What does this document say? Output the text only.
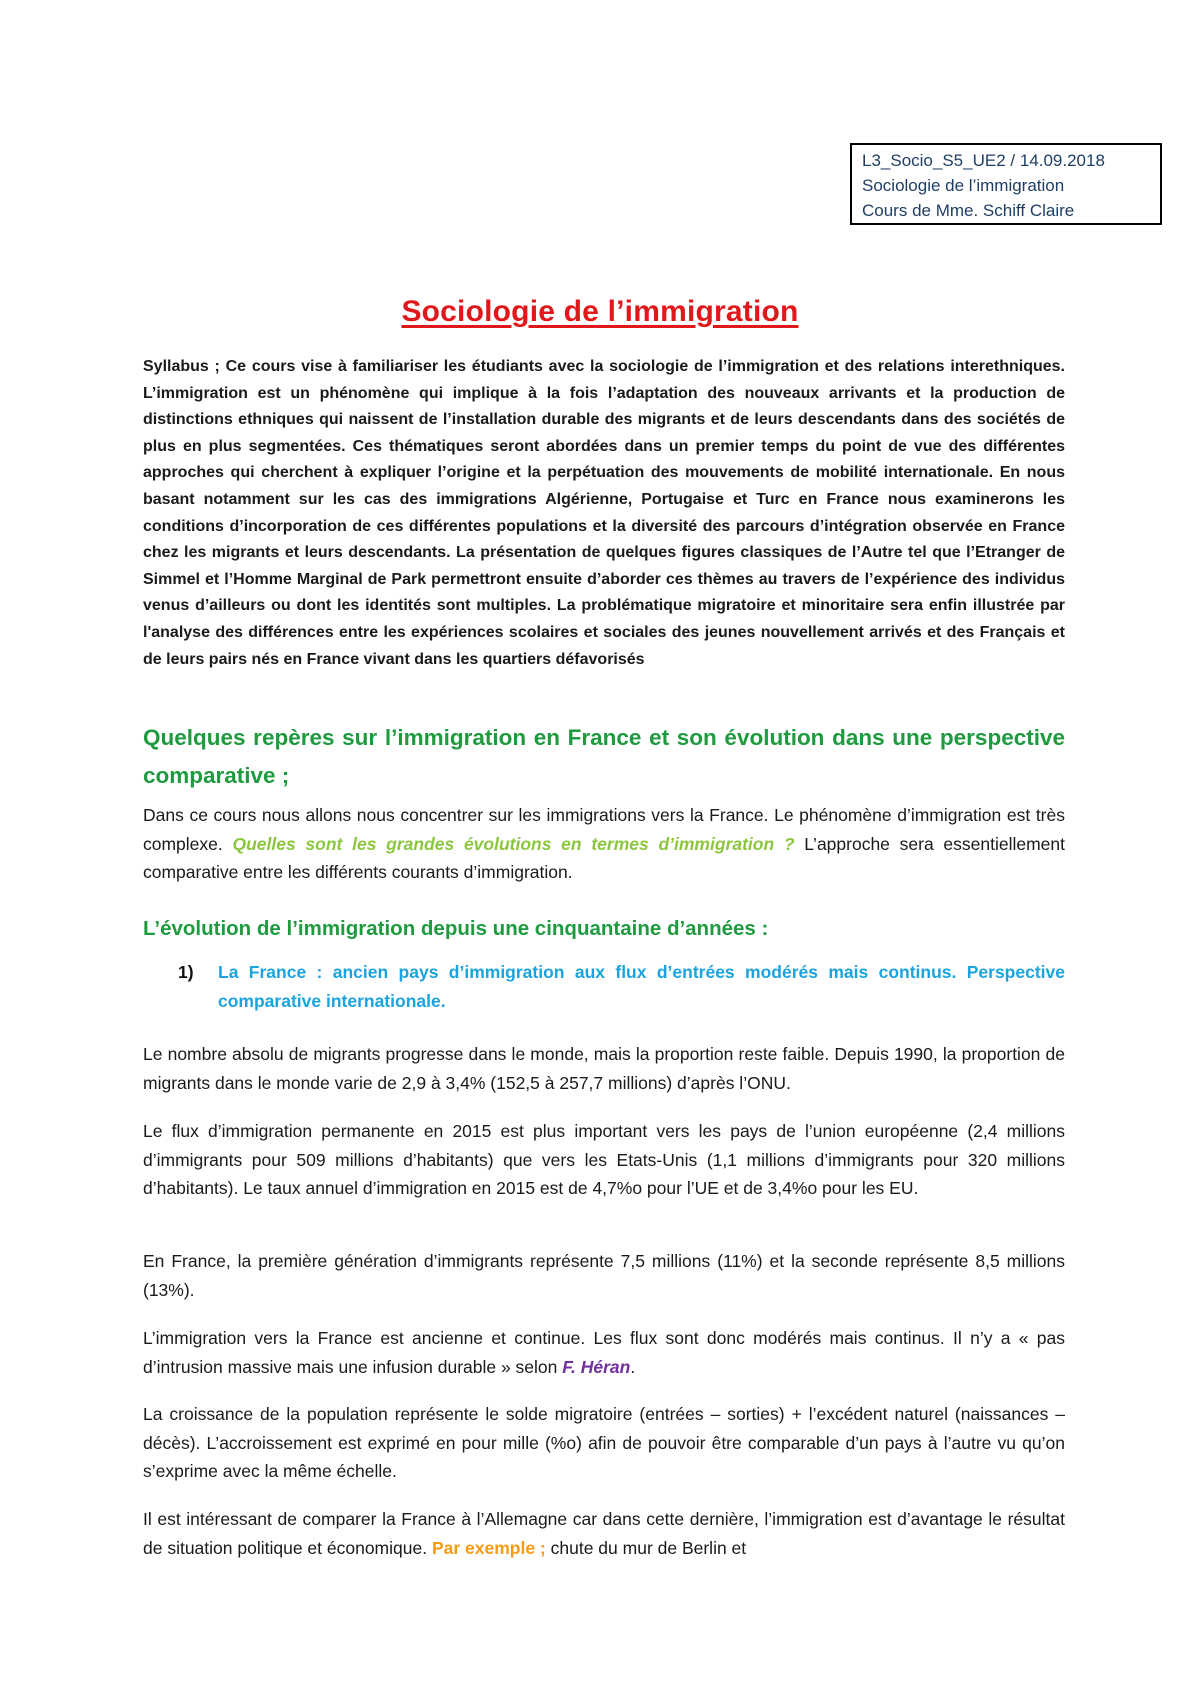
L3_Socio_S5_UE2 / 14.09.2018
Sociologie de l’immigration
Cours de Mme. Schiff Claire
Sociologie de l’immigration

Syllabus ; Ce cours vise à familiariser les étudiants avec la sociologie de l’immigration et des relations interethniques. L’immigration est un phénomène qui implique à la fois l’adaptation des nouveaux arrivants et la production de distinctions ethniques qui naissent de l’installation durable des migrants et de leurs descendants dans des sociétés de plus en plus segmentées. Ces thématiques seront abordées dans un premier temps du point de vue des différentes approches qui cherchent à expliquer l’origine et la perpétuation des mouvements de mobilité internationale. En nous basant notamment sur les cas des immigrations Algérienne, Portugaise et Turc en France nous examinerons les conditions d’incorporation de ces différentes populations et la diversité des parcours d’intégration observée en France chez les migrants et leurs descendants. La présentation de quelques figures classiques de l’Autre tel que l’Etranger de Simmel et l’Homme Marginal de Park permettront ensuite d’aborder ces thèmes au travers de l’expérience des individus venus d’ailleurs ou dont les identités sont multiples. La problématique migratoire et minoritaire sera enfin illustrée par l'analyse des différences entre les expériences scolaires et sociales des jeunes nouvellement arrivés et des Français et de leurs pairs nés en France vivant dans les quartiers défavorisés

Quelques repères sur l’immigration en France et son évolution dans une perspective comparative ;

Dans ce cours nous allons nous concentrer sur les immigrations vers la France. Le phénomène d’immigration est très complexe. Quelles sont les grandes évolutions en termes d’immigration ? L’approche sera essentiellement comparative entre les différents courants d’immigration.

L’évolution de l’immigration depuis une cinquantaine d’années :
1) La France : ancien pays d’immigration aux flux d’entrées modérés mais continus. Perspective comparative internationale.

Le nombre absolu de migrants progresse dans le monde, mais la proportion reste faible. Depuis 1990, la proportion de migrants dans le monde varie de 2,9 à 3,4% (152,5 à 257,7 millions) d’après l’ONU.

Le flux d’immigration permanente en 2015 est plus important vers les pays de l’union européenne (2,4 millions d’immigrants pour 509 millions d’habitants) que vers les Etats-Unis (1,1 millions d’immigrants pour 320 millions d’habitants). Le taux annuel d’immigration en 2015 est de 4,7%o pour l’UE et de 3,4%o pour les EU.

En France, la première génération d’immigrants représente 7,5 millions (11%) et la seconde représente 8,5 millions (13%).

L’immigration vers la France est ancienne et continue. Les flux sont donc modérés mais continus. Il n’y a « pas d’intrusion massive mais une infusion durable » selon F. Héran.

La croissance de la population représente le solde migratoire (entrées – sorties) + l’excédent naturel (naissances – décès). L’accroissement est exprimé en pour mille (%o) afin de pouvoir être comparable d’un pays à l’autre vu qu’on s’exprime avec la même échelle.

Il est intéressant de comparer la France à l’Allemagne car dans cette dernière, l’immigration est d’avantage le résultat de situation politique et économique. Par exemple ; chute du mur de Berlin et
